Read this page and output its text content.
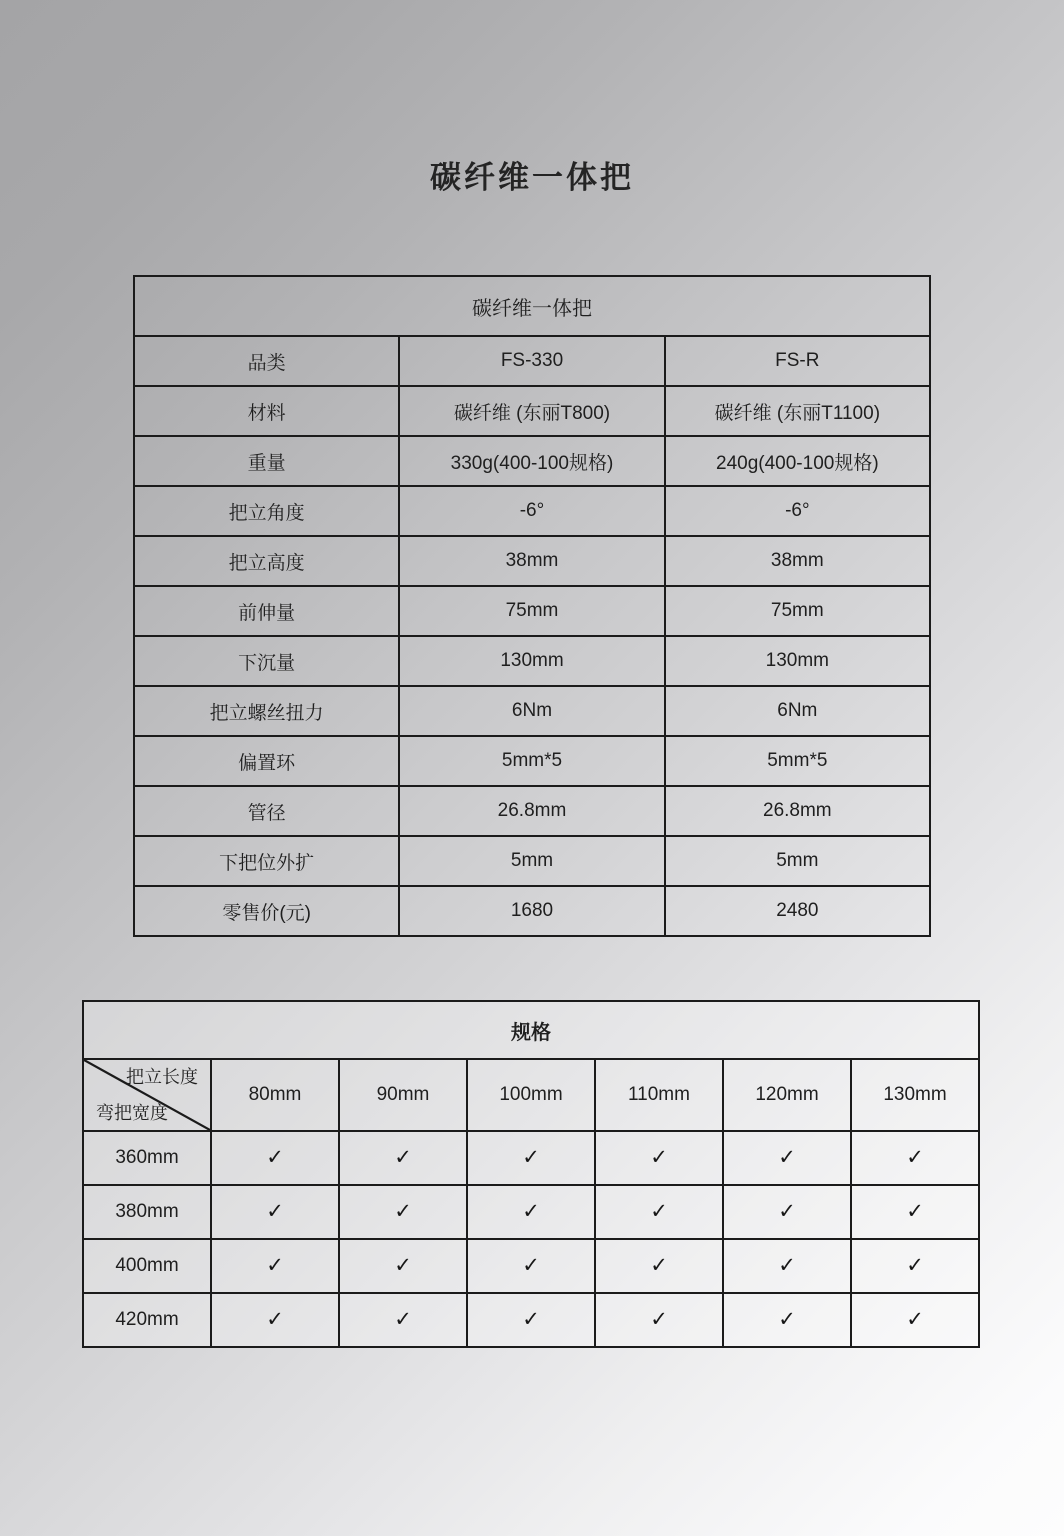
碳纤维一体把
碳纤维一体把		
品类	FS-330	FS-R
材料	碳纤维 (东丽T800)	碳纤维 (东丽T1100)
重量	330g(400-100规格)	240g(400-100规格)
把立角度	-6°	-6°
把立高度	38mm	38mm
前伸量	75mm	75mm
下沉量	130mm	130mm
把立螺丝扭力	6Nm	6Nm
偏置环	5mm*5	5mm*5
管径	26.8mm	26.8mm
下把位外扩	5mm	5mm
零售价(元)	1680	2480
规格						

把立长度
弯把宽度	80mm	90mm	100mm	110mm	120mm	130mm
360mm	✓	✓	✓	✓	✓	✓
380mm	✓	✓	✓	✓	✓	✓
400mm	✓	✓	✓	✓	✓	✓
420mm	✓	✓	✓	✓	✓	✓
